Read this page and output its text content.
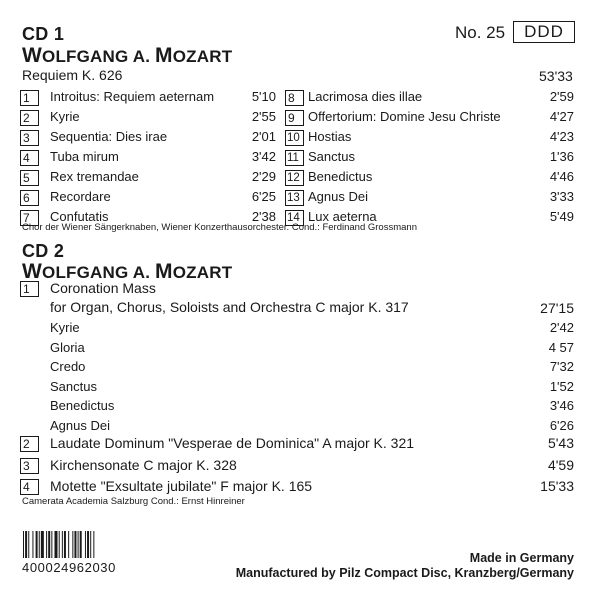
CD 1	No. 25	DDD
WOLFGANG A. MOZART
Requiem K. 626	53'33
1	Introitus: Requiem aeternam	5'10
2	Kyrie	2'55
3	Sequentia: Dies irae	2'01
4	Tuba mirum	3'42
5	Rex tremandae	2'29
6	Recordare	6'25
7	Confutatis	2'38
8	Lacrimosa dies illae	2'59
9	Offertorium: Domine Jesu Christe	4'27
10 Hostias	4'23
11 Sanctus	1'36
12 Benedictus	4'46
13 Agnus Dei	3'33
14 Lux aeterna	5'49
Chor der Wiener Sängerknaben, Wiener Konzerthausorchester. Cond.: Ferdinand Grossmann
CD 2
WOLFGANG A. MOZART
1	Coronation Mass
for Organ, Chorus, Soloists and Orchestra C major K. 317	27'15
Kyrie	2'42
Gloria	4 57
Credo	7'32
Sanctus	1'52
Benedictus	3'46
Agnus Dei	6'26
2	Laudate Dominum "Vesperae de Dominica" A major K. 321	5'43
3	Kirchensonate C major K. 328	4'59
4	Motette "Exsultate jubilate" F major K. 165	15'33
Camerata Academia Salzburg Cond.: Ernst Hinreiner
Made in Germany
Manufactured by Pilz Compact Disc, Kranzberg/Germany
400024962030
